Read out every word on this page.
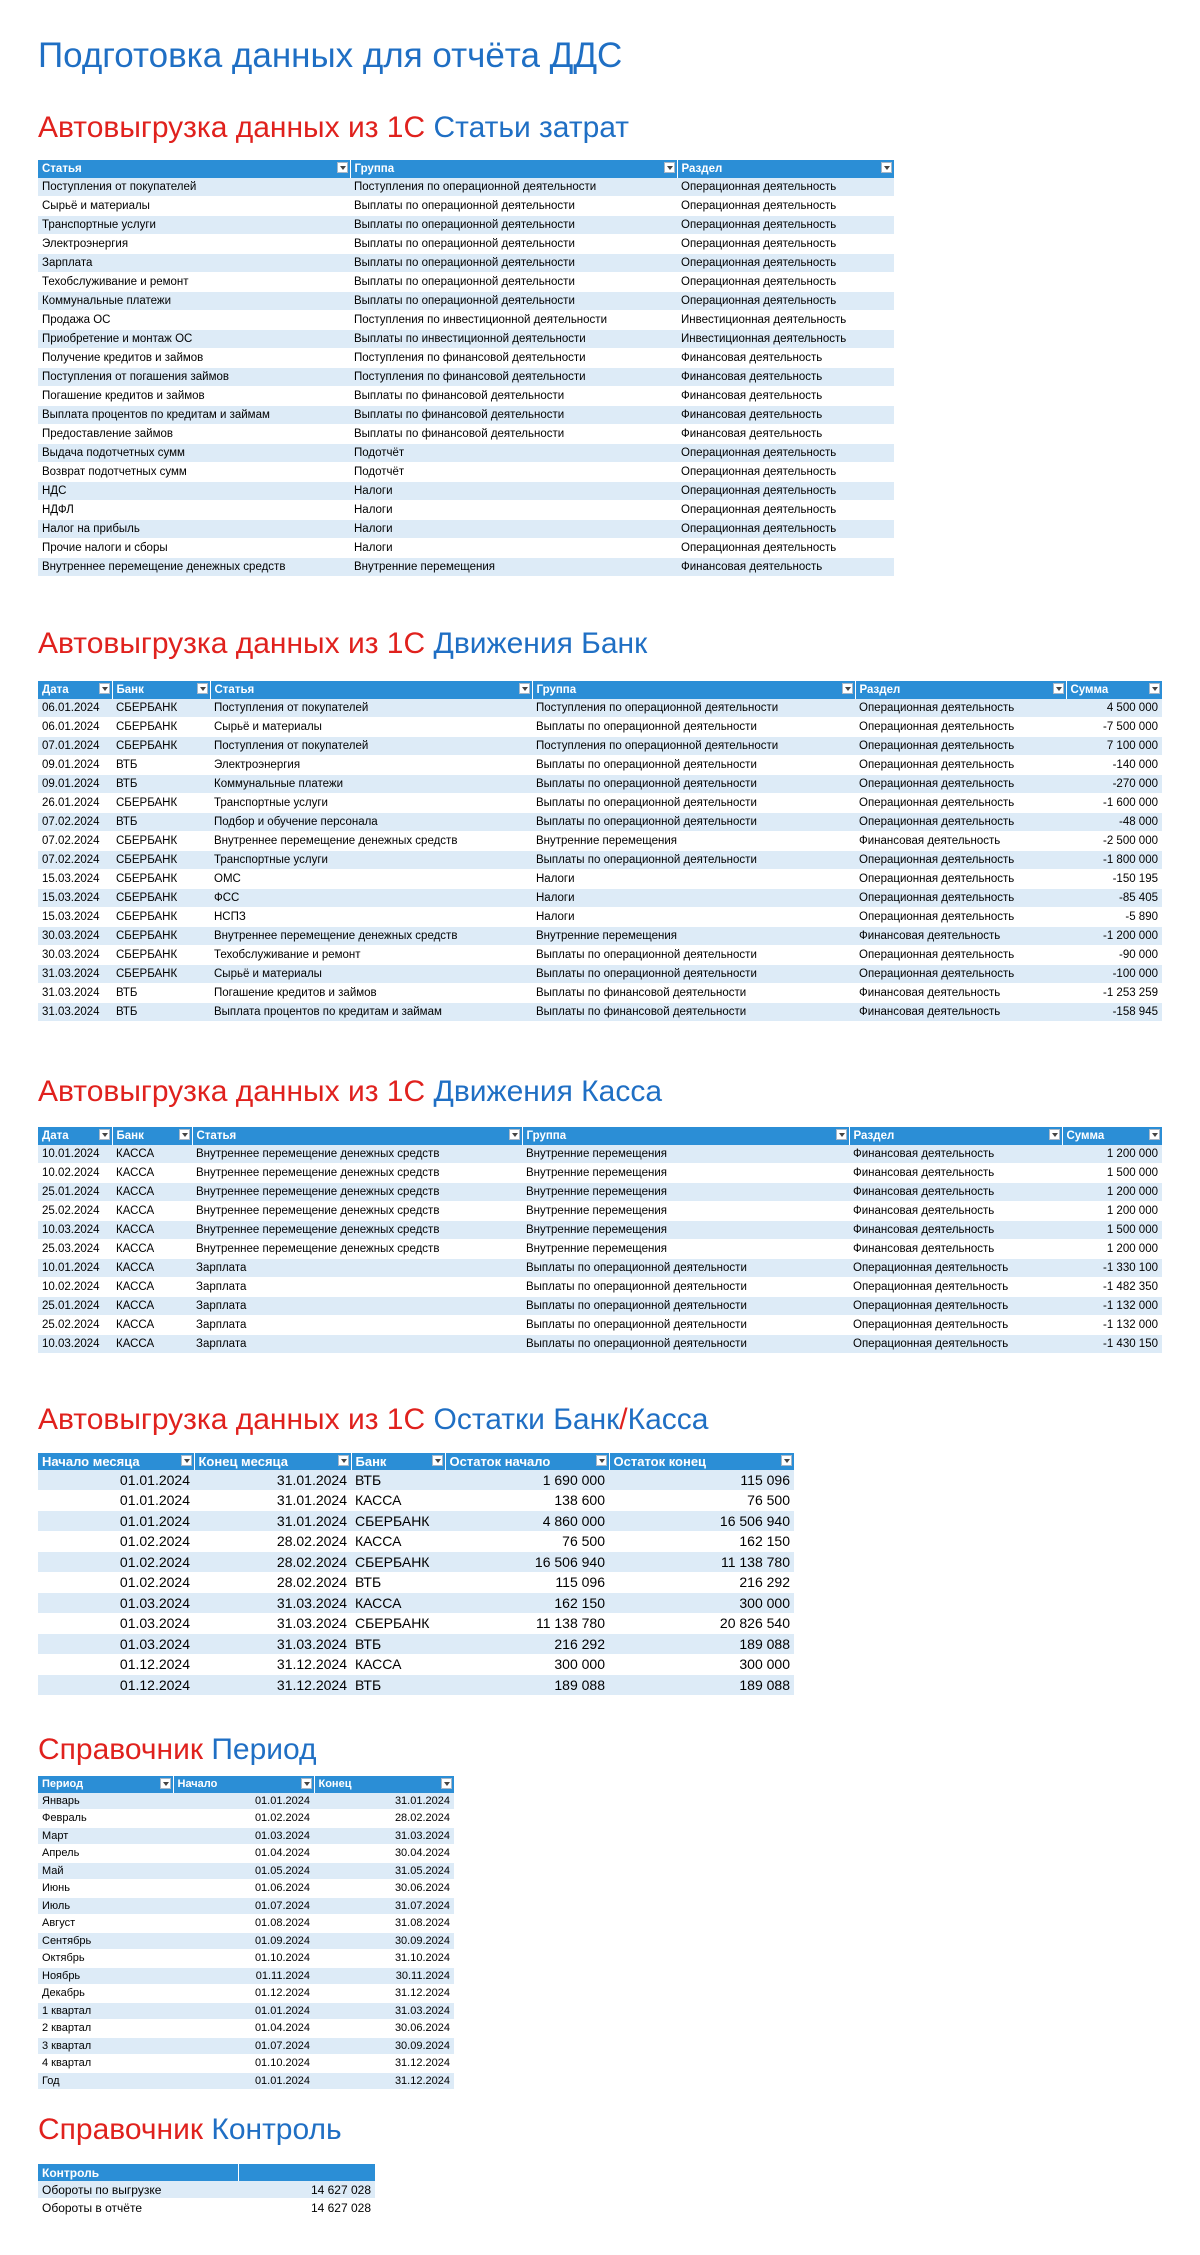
Подготовка данных для отчёта ДДС
Автовыгрузка данных из 1С Статьи затрат
Статья	Группа	Раздел

Поступления от покупателей	Поступления по операционной деятельности	Операционная деятельность
Сырьё и материалы	Выплаты по операционной деятельности	Операционная деятельность
Транспортные услуги	Выплаты по операционной деятельности	Операционная деятельность
Электроэнергия	Выплаты по операционной деятельности	Операционная деятельность
Зарплата	Выплаты по операционной деятельности	Операционная деятельность
Техобслуживание и ремонт	Выплаты по операционной деятельности	Операционная деятельность
Коммунальные платежи	Выплаты по операционной деятельности	Операционная деятельность
Продажа ОС	Поступления по инвестиционной деятельности	Инвестиционная деятельность
Приобретение и монтаж ОС	Выплаты по инвестиционной деятельности	Инвестиционная деятельность
Получение кредитов и займов	Поступления по финансовой деятельности	Финансовая деятельность
Поступления от погашения займов	Поступления по финансовой деятельности	Финансовая деятельность
Погашение кредитов и займов	Выплаты по финансовой деятельности	Финансовая деятельность
Выплата процентов по кредитам и займам	Выплаты по финансовой деятельности	Финансовая деятельность
Предоставление займов	Выплаты по финансовой деятельности	Финансовая деятельность
Выдача подотчетных сумм	Подотчёт	Операционная деятельность
Возврат подотчетных сумм	Подотчёт	Операционная деятельность
НДС	Налоги	Операционная деятельность
НДФЛ	Налоги	Операционная деятельность
Налог на прибыль	Налоги	Операционная деятельность
Прочие налоги и сборы	Налоги	Операционная деятельность
Внутреннее перемещение денежных средств	Внутренние перемещения	Финансовая деятельность
Автовыгрузка данных из 1С Движения Банк
Дата	Банк	Статья	Группа	Раздел	Сумма

06.01.2024	СБЕРБАНК	Поступления от покупателей	Поступления по операционной деятельности	Операционная деятельность	4 500 000
06.01.2024	СБЕРБАНК	Сырьё и материалы	Выплаты по операционной деятельности	Операционная деятельность	-7 500 000
07.01.2024	СБЕРБАНК	Поступления от покупателей	Поступления по операционной деятельности	Операционная деятельность	7 100 000
09.01.2024	ВТБ	Электроэнергия	Выплаты по операционной деятельности	Операционная деятельность	-140 000
09.01.2024	ВТБ	Коммунальные платежи	Выплаты по операционной деятельности	Операционная деятельность	-270 000
26.01.2024	СБЕРБАНК	Транспортные услуги	Выплаты по операционной деятельности	Операционная деятельность	-1 600 000
07.02.2024	ВТБ	Подбор и обучение персонала	Выплаты по операционной деятельности	Операционная деятельность	-48 000
07.02.2024	СБЕРБАНК	Внутреннее перемещение денежных средств	Внутренние перемещения	Финансовая деятельность	-2 500 000
07.02.2024	СБЕРБАНК	Транспортные услуги	Выплаты по операционной деятельности	Операционная деятельность	-1 800 000
15.03.2024	СБЕРБАНК	ОМС	Налоги	Операционная деятельность	-150 195
15.03.2024	СБЕРБАНК	ФСС	Налоги	Операционная деятельность	-85 405
15.03.2024	СБЕРБАНК	НСПЗ	Налоги	Операционная деятельность	-5 890
30.03.2024	СБЕРБАНК	Внутреннее перемещение денежных средств	Внутренние перемещения	Финансовая деятельность	-1 200 000
30.03.2024	СБЕРБАНК	Техобслуживание и ремонт	Выплаты по операционной деятельности	Операционная деятельность	-90 000
31.03.2024	СБЕРБАНК	Сырьё и материалы	Выплаты по операционной деятельности	Операционная деятельность	-100 000
31.03.2024	ВТБ	Погашение кредитов и займов	Выплаты по финансовой деятельности	Финансовая деятельность	-1 253 259
31.03.2024	ВТБ	Выплата процентов по кредитам и займам	Выплаты по финансовой деятельности	Финансовая деятельность	-158 945
Автовыгрузка данных из 1С Движения Касса
Дата	Банк	Статья	Группа	Раздел	Сумма

10.01.2024	КАССА	Внутреннее перемещение денежных средств	Внутренние перемещения	Финансовая деятельность	1 200 000
10.02.2024	КАССА	Внутреннее перемещение денежных средств	Внутренние перемещения	Финансовая деятельность	1 500 000
25.01.2024	КАССА	Внутреннее перемещение денежных средств	Внутренние перемещения	Финансовая деятельность	1 200 000
25.02.2024	КАССА	Внутреннее перемещение денежных средств	Внутренние перемещения	Финансовая деятельность	1 200 000
10.03.2024	КАССА	Внутреннее перемещение денежных средств	Внутренние перемещения	Финансовая деятельность	1 500 000
25.03.2024	КАССА	Внутреннее перемещение денежных средств	Внутренние перемещения	Финансовая деятельность	1 200 000
10.01.2024	КАССА	Зарплата	Выплаты по операционной деятельности	Операционная деятельность	-1 330 100
10.02.2024	КАССА	Зарплата	Выплаты по операционной деятельности	Операционная деятельность	-1 482 350
25.01.2024	КАССА	Зарплата	Выплаты по операционной деятельности	Операционная деятельность	-1 132 000
25.02.2024	КАССА	Зарплата	Выплаты по операционной деятельности	Операционная деятельность	-1 132 000
10.03.2024	КАССА	Зарплата	Выплаты по операционной деятельности	Операционная деятельность	-1 430 150
Автовыгрузка данных из 1С Остатки Банк/Касса
Начало месяца	Конец месяца	Банк	Остаток начало	Остаток конец

01.01.2024	31.01.2024	ВТБ	1 690 000	115 096
01.01.2024	31.01.2024	КАССА	138 600	76 500
01.01.2024	31.01.2024	СБЕРБАНК	4 860 000	16 506 940
01.02.2024	28.02.2024	КАССА	76 500	162 150
01.02.2024	28.02.2024	СБЕРБАНК	16 506 940	11 138 780
01.02.2024	28.02.2024	ВТБ	115 096	216 292
01.03.2024	31.03.2024	КАССА	162 150	300 000
01.03.2024	31.03.2024	СБЕРБАНК	11 138 780	20 826 540
01.03.2024	31.03.2024	ВТБ	216 292	189 088
01.12.2024	31.12.2024	КАССА	300 000	300 000
01.12.2024	31.12.2024	ВТБ	189 088	189 088
Справочник Период
Период	Начало	Конец

Январь	01.01.2024	31.01.2024
Февраль	01.02.2024	28.02.2024
Март	01.03.2024	31.03.2024
Апрель	01.04.2024	30.04.2024
Май	01.05.2024	31.05.2024
Июнь	01.06.2024	30.06.2024
Июль	01.07.2024	31.07.2024
Август	01.08.2024	31.08.2024
Сентябрь	01.09.2024	30.09.2024
Октябрь	01.10.2024	31.10.2024
Ноябрь	01.11.2024	30.11.2024
Декабрь	01.12.2024	31.12.2024
1 квартал	01.01.2024	31.03.2024
2 квартал	01.04.2024	30.06.2024
3 квартал	01.07.2024	30.09.2024
4 квартал	01.10.2024	31.12.2024
Год	01.01.2024	31.12.2024
Справочник Контроль
Контроль	
Обороты по выгрузке	14 627 028
Обороты в отчёте	14 627 028
